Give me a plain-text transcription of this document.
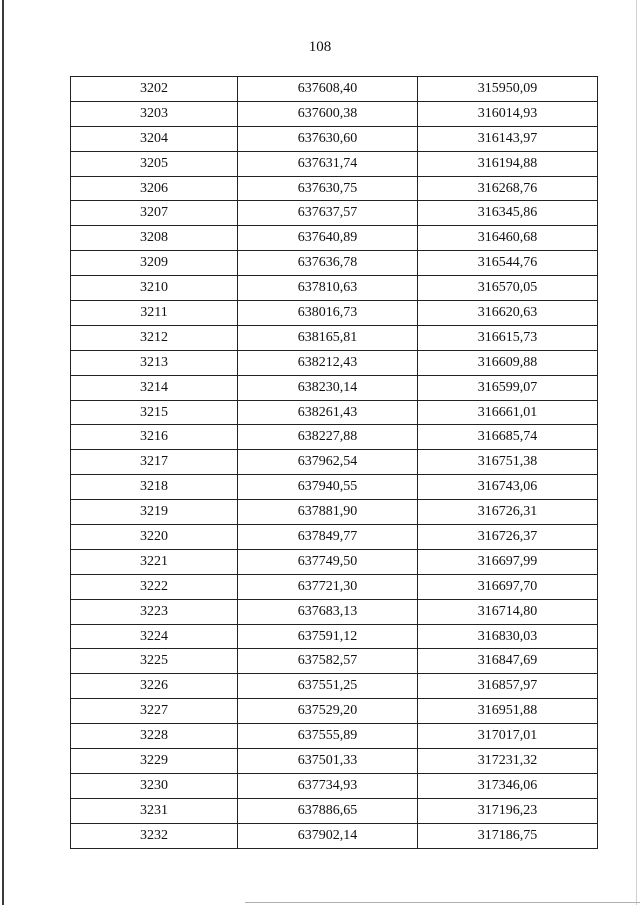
108
3202	637608,40	315950,09
3203	637600,38	316014,93
3204	637630,60	316143,97
3205	637631,74	316194,88
3206	637630,75	316268,76
3207	637637,57	316345,86
3208	637640,89	316460,68
3209	637636,78	316544,76
3210	637810,63	316570,05
3211	638016,73	316620,63
3212	638165,81	316615,73
3213	638212,43	316609,88
3214	638230,14	316599,07
3215	638261,43	316661,01
3216	638227,88	316685,74
3217	637962,54	316751,38
3218	637940,55	316743,06
3219	637881,90	316726,31
3220	637849,77	316726,37
3221	637749,50	316697,99
3222	637721,30	316697,70
3223	637683,13	316714,80
3224	637591,12	316830,03
3225	637582,57	316847,69
3226	637551,25	316857,97
3227	637529,20	316951,88
3228	637555,89	317017,01
3229	637501,33	317231,32
3230	637734,93	317346,06
3231	637886,65	317196,23
3232	637902,14	317186,75
